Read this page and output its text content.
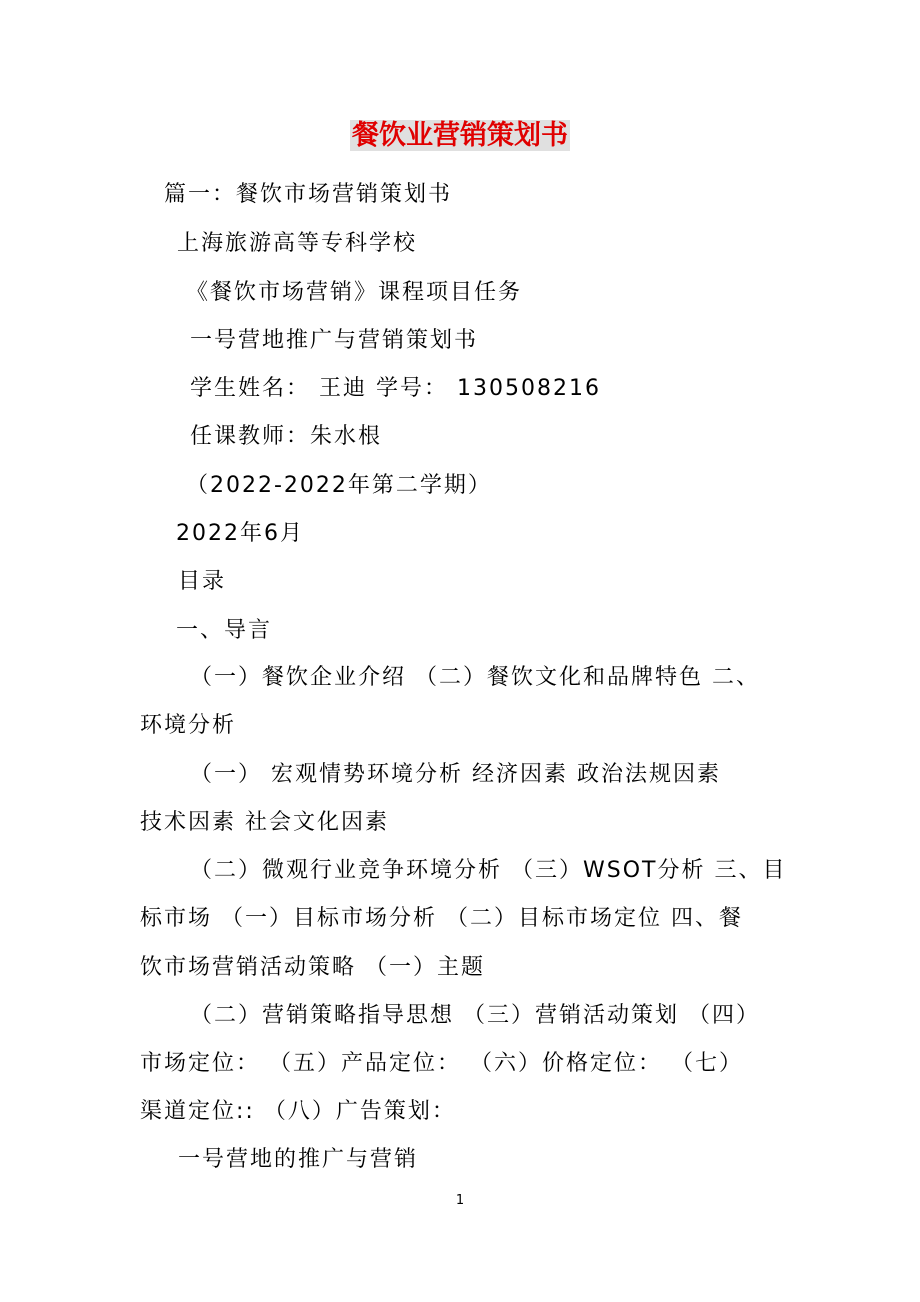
餐饮业营销策划书
篇一：餐饮市场营销策划书
上海旅游高等专科学校
《餐饮市场营销》课程项目任务
一号营地推广与营销策划书
学生姓名： 王迪 学号： 130508216
任课教师：朱水根
（2022-2022年第二学期）
2022年6月
目录
一、导言
（一）餐饮企业介绍 （二）餐饮文化和品牌特色 二、
环境分析
（一） 宏观情势环境分析 经济因素 政治法规因素
技术因素 社会文化因素
（二）微观行业竞争环境分析 （三）WSOT分析 三、目
标市场 （一）目标市场分析 （二）目标市场定位 四、餐
饮市场营销活动策略 （一）主题
（二）营销策略指导思想 （三）营销活动策划 （四）
市场定位： （五）产品定位： （六）价格定位： （七）
渠道定位:: （八）广告策划：
一号营地的推广与营销
1
